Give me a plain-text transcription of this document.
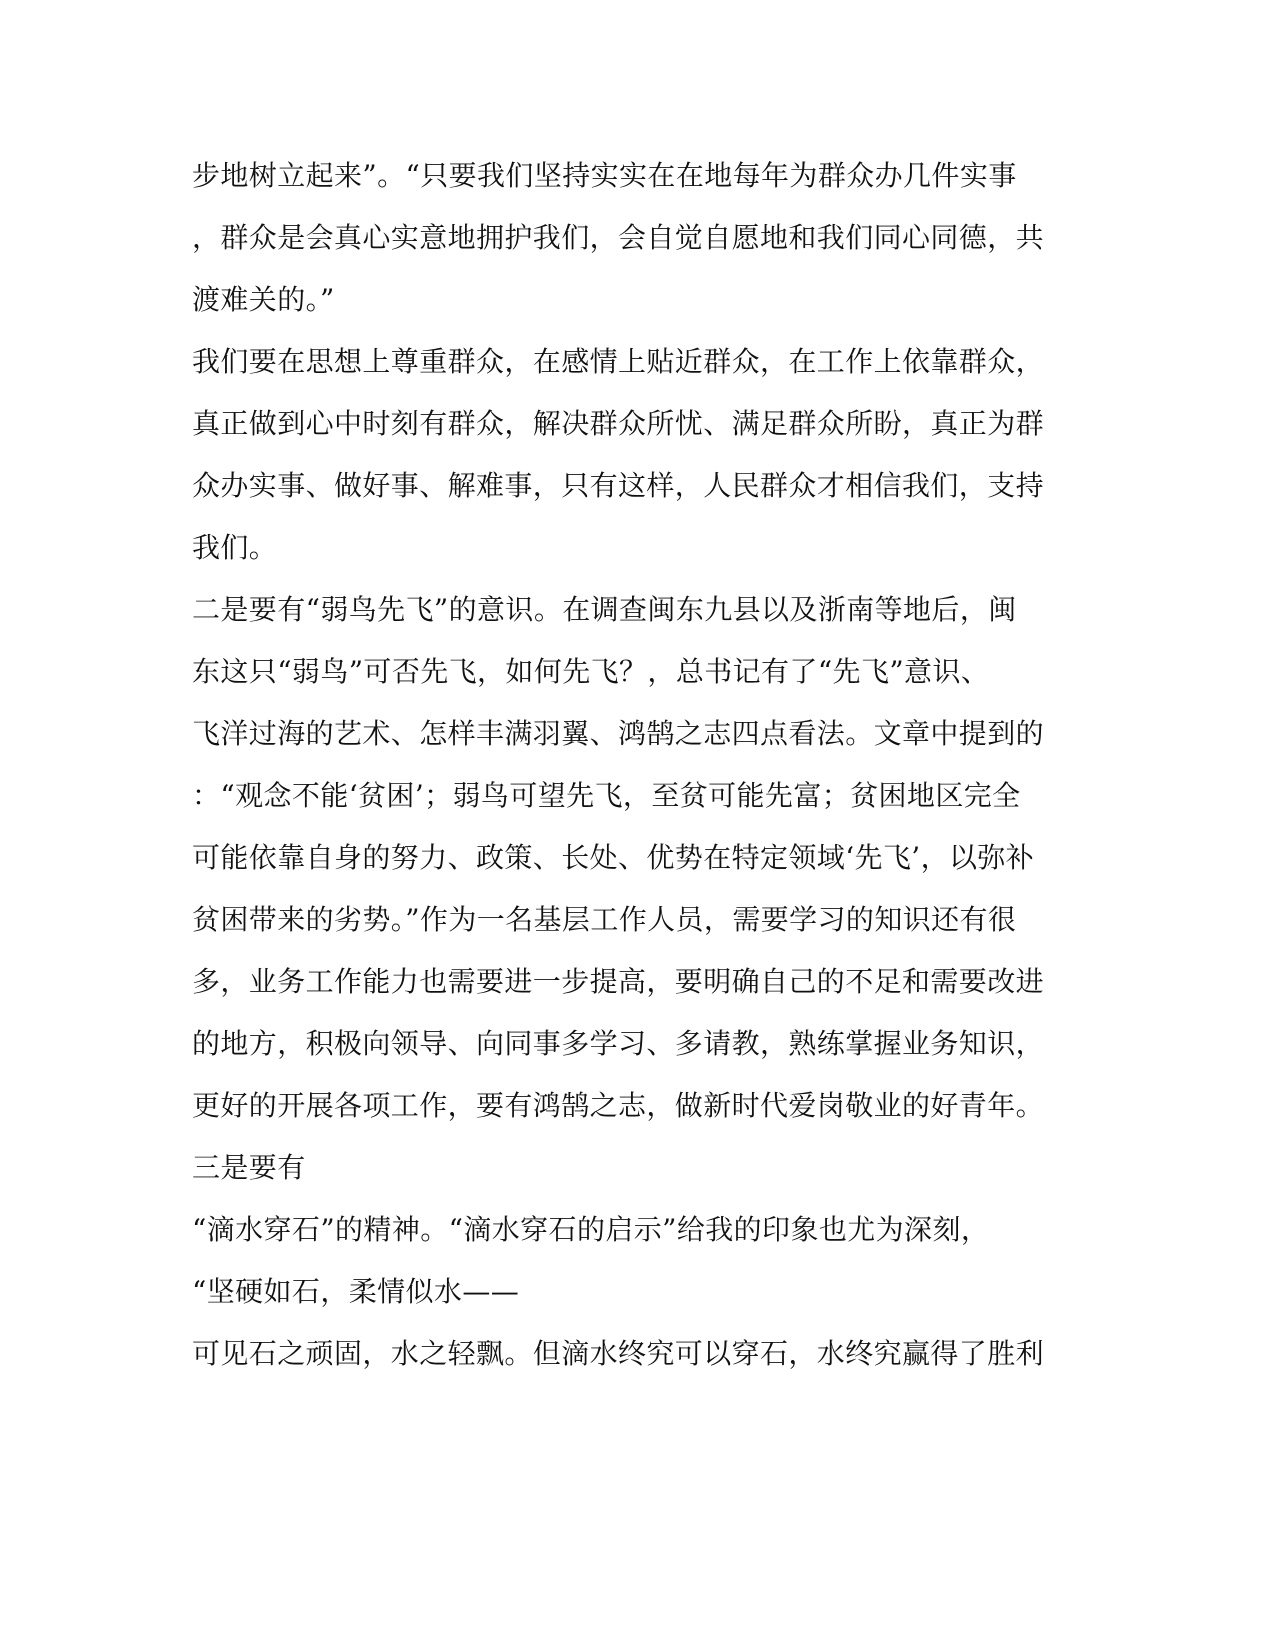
步地树立起来”。“只要我们坚持实实在在地每年为群众办几件实事
，群众是会真心实意地拥护我们，会自觉自愿地和我们同心同德，共
渡难关的。”
我们要在思想上尊重群众，在感情上贴近群众，在工作上依靠群众，
真正做到心中时刻有群众，解决群众所忧、满足群众所盼，真正为群
众办实事、做好事、解难事，只有这样，人民群众才相信我们，支持
我们。
二是要有“弱鸟先飞”的意识。在调查闽东九县以及浙南等地后，闽
东这只“弱鸟”可否先飞，如何先飞？，总书记有了“先飞”意识、
飞洋过海的艺术、怎样丰满羽翼、鸿鹄之志四点看法。文章中提到的
：“观念不能‘贫困’；弱鸟可望先飞，至贫可能先富；贫困地区完全
可能依靠自身的努力、政策、长处、优势在特定领域‘先飞’，以弥补
贫困带来的劣势。”作为一名基层工作人员，需要学习的知识还有很
多，业务工作能力也需要进一步提高，要明确自己的不足和需要改进
的地方，积极向领导、向同事多学习、多请教，熟练掌握业务知识，
更好的开展各项工作，要有鸿鹄之志，做新时代爱岗敬业的好青年。
三是要有
“滴水穿石”的精神。“滴水穿石的启示”给我的印象也尤为深刻，
“坚硬如石，柔情似水——
可见石之顽固，水之轻飘。但滴水终究可以穿石，水终究赢得了胜利
